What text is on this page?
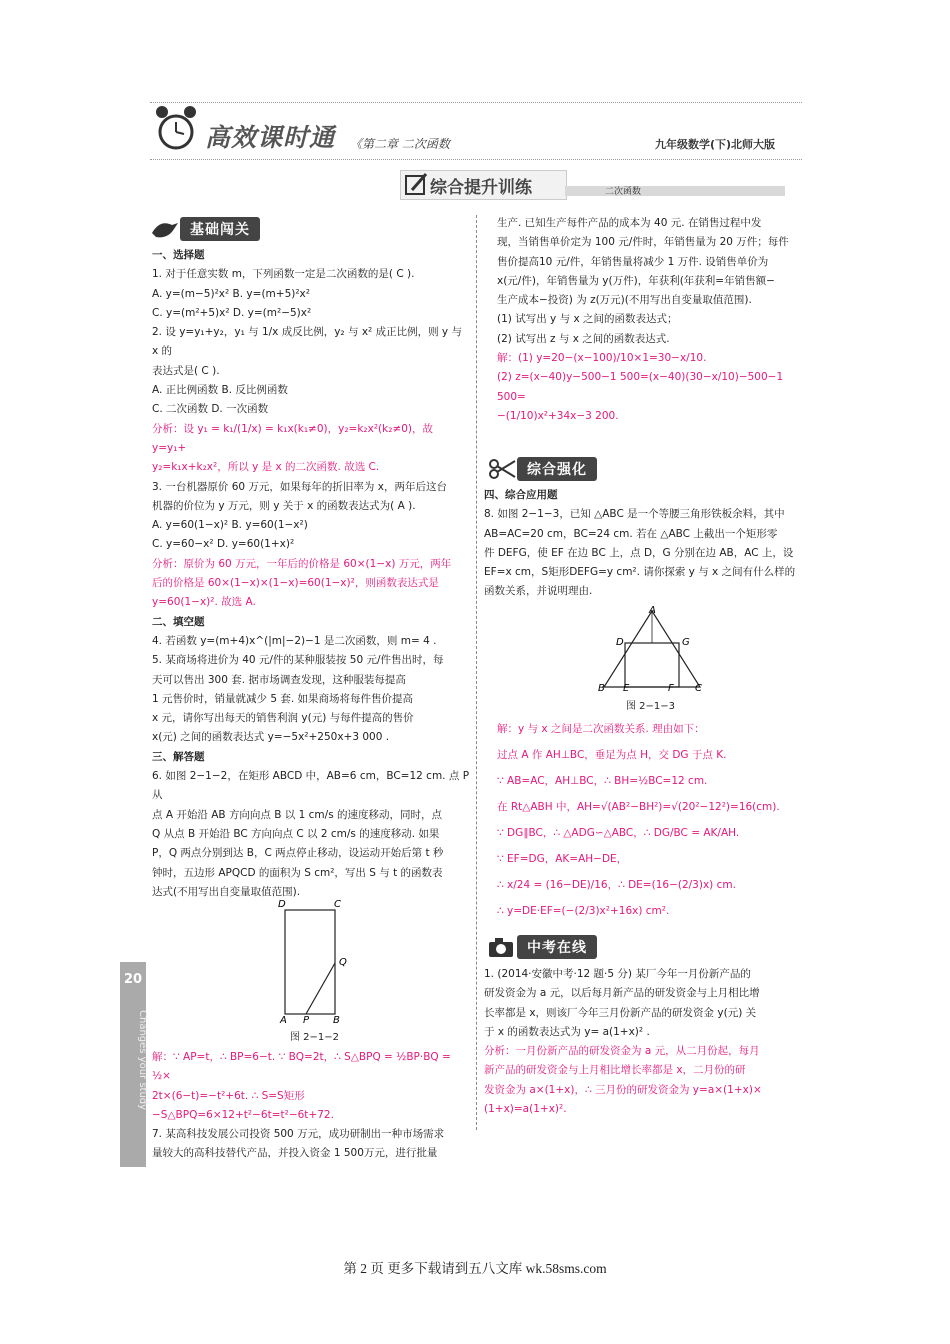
高效课时通 《第二章 二次函数	九年级数学(下)北师大版
综合提升训练	二次函数
基础闯关
综合强化
中考在线

一、选择题

1. 对于任意实数 m，下列函数一定是二次函数的是( C ).

A. y=(m−5)²x² B. y=(m+5)²x²

C. y=(m²+5)x² D. y=(m²−5)x²

2. 设 y=y₁+y₂，y₁ 与 1/x 成反比例，y₂ 与 x² 成正比例，则 y 与 x 的

表达式是( C ).

A. 正比例函数 B. 反比例函数

C. 二次函数 D. 一次函数

分析：设 y₁ = k₁/(1/x) = k₁x(k₁≠0)，y₂=k₂x²(k₂≠0)，故 y=y₁+

y₂=k₁x+k₂x²，所以 y 是 x 的二次函数. 故选 C.

3. 一台机器原价 60 万元，如果每年的折旧率为 x，两年后这台

机器的价位为 y 万元，则 y 关于 x 的函数表达式为( A ).

A. y=60(1−x)² B. y=60(1−x²)

C. y=60−x² D. y=60(1+x)²

分析：原价为 60 万元，一年后的价格是 60×(1−x) 万元，两年

后的价格是 60×(1−x)×(1−x)=60(1−x)²，则函数表达式是

y=60(1−x)². 故选 A.

二、填空题

4. 若函数 y=(m+4)x^(|m|−2)−1 是二次函数，则 m= 4 .

5. 某商场将进价为 40 元/件的某种服装按 50 元/件售出时，每

天可以售出 300 套. 据市场调查发现，这种服装每提高

1 元售价时，销量就减少 5 套. 如果商场将每件售价提高

x 元，请你写出每天的销售利润 y(元) 与每件提高的售价

x(元) 之间的函数表达式 y=−5x²+250x+3 000 .

三、解答题

6. 如图 2−1−2，在矩形 ABCD 中，AB=6 cm，BC=12 cm. 点 P 从

点 A 开始沿 AB 方向向点 B 以 1 cm/s 的速度移动，同时，点

Q 从点 B 开始沿 BC 方向向点 C 以 2 cm/s 的速度移动. 如果

P，Q 两点分别到达 B，C 两点停止移动，设运动开始后第 t 秒

钟时，五边形 APQCD 的面积为 S cm²，写出 S 与 t 的函数表

达式(不用写出自变量取值范围).

D	C
Q
A P B
图 2−1−2

解：∵ AP=t，∴ BP=6−t. ∵ BQ=2t，∴ S△BPQ = ½BP·BQ = ½×

2t×(6−t)=−t²+6t. ∴ S=S矩形−S△BPQ=6×12+t²−6t=t²−6t+72.

7. 某高科技发展公司投资 500 万元，成功研制出一种市场需求

量较大的高科技替代产品，并投入资金 1 500万元，进行批量

生产. 已知生产每件产品的成本为 40 元. 在销售过程中发

现，当销售单价定为 100 元/件时，年销售量为 20 万件；每件

售价提高10 元/件，年销售量将减少 1 万件. 设销售单价为

x(元/件)，年销售量为 y(万件)，年获利(年获利=年销售额−

生产成本−投资) 为 z(万元)(不用写出自变量取值范围).

(1) 试写出 y 与 x 之间的函数表达式；

(2) 试写出 z 与 x 之间的函数表达式.

解：(1) y=20−(x−100)/10×1=30−x/10.

(2) z=(x−40)y−500−1 500=(x−40)(30−x/10)−500−1 500=

−(1/10)x²+34x−3 200.

四、综合应用题

8. 如图 2−1−3，已知 △ABC 是一个等腰三角形铁板余料，其中

AB=AC=20 cm，BC=24 cm. 若在 △ABC 上截出一个矩形零

件 DEFG，使 EF 在边 BC 上，点 D，G 分别在边 AB，AC 上，设

EF=x cm，S矩形DEFG=y cm². 请你探索 y 与 x 之间有什么样的

函数关系，并说明理由.

A
D	G
B E	F C
图 2−1−3

解：y 与 x 之间是二次函数关系. 理由如下：

过点 A 作 AH⊥BC，垂足为点 H，交 DG 于点 K.

∵ AB=AC，AH⊥BC，∴ BH=½BC=12 cm.

在 Rt△ABH 中，AH=√(AB²−BH²)=√(20²−12²)=16(cm).

∵ DG∥BC，∴ △ADG∽△ABC，∴ DG/BC = AK/AH.

∵ EF=DG，AK=AH−DE，

∴ x/24 = (16−DE)/16，∴ DE=(16−(2/3)x) cm.

∴ y=DE·EF=(−(2/3)x²+16x) cm².

1. (2014·安徽中考·12 题·5 分) 某厂今年一月份新产品的

研发资金为 a 元，以后每月新产品的研发资金与上月相比增

长率都是 x，则该厂今年三月份新产品的研发资金 y(元) 关

于 x 的函数表达式为 y= a(1+x)² .

分析：一月份新产品的研发资金为 a 元，从二月份起，每月

新产品的研发资金与上月相比增长率都是 x，二月份的研

发资金为 a×(1+x)，∴ 三月份的研发资金为 y=a×(1+x)×

(1+x)=a(1+x)².

20
Changes your study
第 2 页 更多下载请到五八文库 wk.58sms.com
